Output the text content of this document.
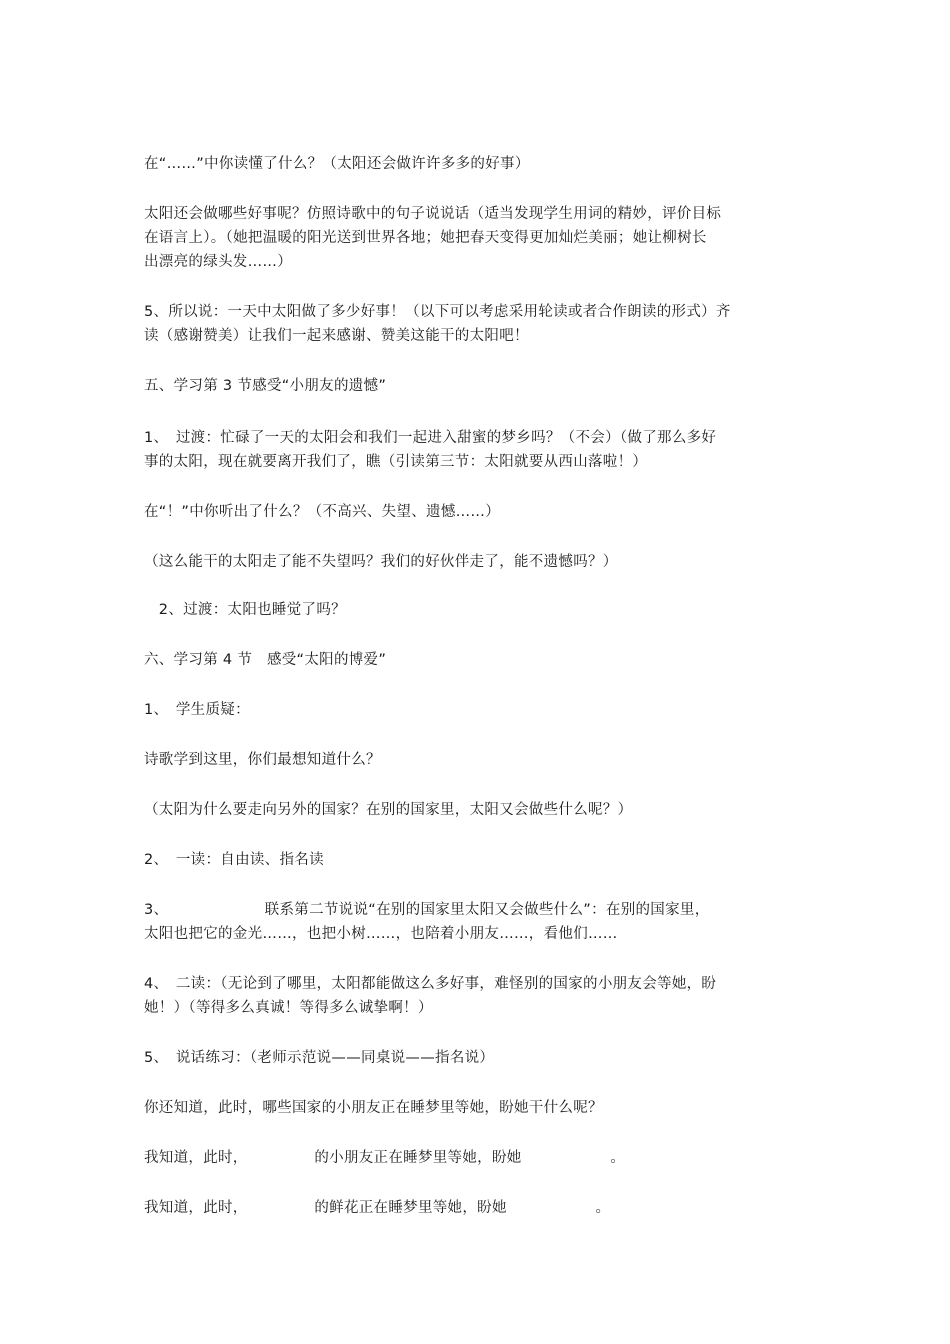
在“……”中你读懂了什么？（太阳还会做许许多多的好事）
太阳还会做哪些好事呢？仿照诗歌中的句子说说话（适当发现学生用词的精妙，评价目标
在语言上）。（她把温暖的阳光送到世界各地；她把春天变得更加灿烂美丽；她让柳树长
出漂亮的绿头发……）
5、所以说：一天中太阳做了多少好事！（以下可以考虑采用轮读或者合作朗读的形式）齐
读（感谢赞美）让我们一起来感谢、赞美这能干的太阳吧！
五、学习第 3 节感受“小朋友的遗憾”
1、　过渡：忙碌了一天的太阳会和我们一起进入甜蜜的梦乡吗？（不会）（做了那么多好
事的太阳，现在就要离开我们了，瞧（引读第三节：太阳就要从西山落啦！）
在“！”中你听出了什么？（不高兴、失望、遗憾……）
（这么能干的太阳走了能不失望吗？我们的好伙伴走了，能不遗憾吗？）
　2、过渡：太阳也睡觉了吗？
六、学习第 4 节　感受“太阳的博爱”
1、　学生质疑：
诗歌学到这里，你们最想知道什么？
（太阳为什么要走向另外的国家？在别的国家里，太阳又会做些什么呢？）
2、　一读：自由读、指名读
3、　　　　　　　联系第二节说说“在别的国家里太阳又会做些什么”：在别的国家里，
太阳也把它的金光……，也把小树……，也陪着小朋友……，看他们……
4、　二读：（无论到了哪里，太阳都能做这么多好事，难怪别的国家的小朋友会等她，盼
她！）（等得多么真诚！等得多么诚挚啊！）
5、　说话练习：（老师示范说——同桌说——指名说）
你还知道，此时，哪些国家的小朋友正在睡梦里等她，盼她干什么呢？
我知道，此时，　　　　　的小朋友正在睡梦里等她，盼她　　　　　　。
我知道，此时，　　　　　的鲜花正在睡梦里等她，盼她　　　　　　。
